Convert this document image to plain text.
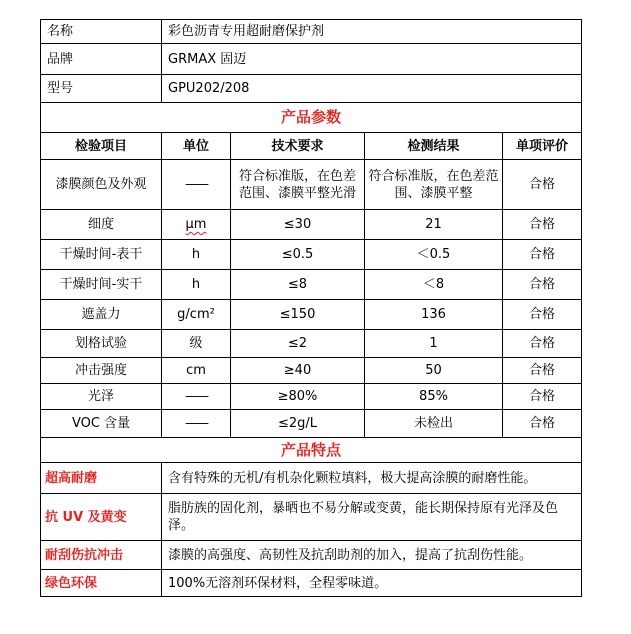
名称	彩色沥青专用超耐磨保护剂			
品牌	GRMAX 固迈			
型号	GPU202/208			
产品参数				
检验项目	单位	技术要求	检测结果	单项评价
漆膜颜色及外观	——	符合标准版，在色差范围、漆膜平整光滑	符合标准版，在色差范围、漆膜平整	合格
细度	μm	≤30	21	合格
干燥时间-表干	h	≤0.5	＜0.5	合格
干燥时间-实干	h	≤8	＜8	合格
遮盖力	g/cm²	≤150	136	合格
划格试验	级	≤2	1	合格
冲击强度	cm	≥40	50	合格
光泽	——	≥80%	85%	合格
VOC 含量	——	≤2g/L	未检出	合格
产品特点				
超高耐磨	含有特殊的无机/有机杂化颗粒填料，极大提高涂膜的耐磨性能。			
抗 UV 及黄变	脂肪族的固化剂，暴晒也不易分解或变黄，能长期保持原有光泽及色泽。			
耐刮伤抗冲击	漆膜的高强度、高韧性及抗刮助剂的加入，提高了抗刮伤性能。			
绿色环保	100%无溶剂环保材料，全程零味道。			
